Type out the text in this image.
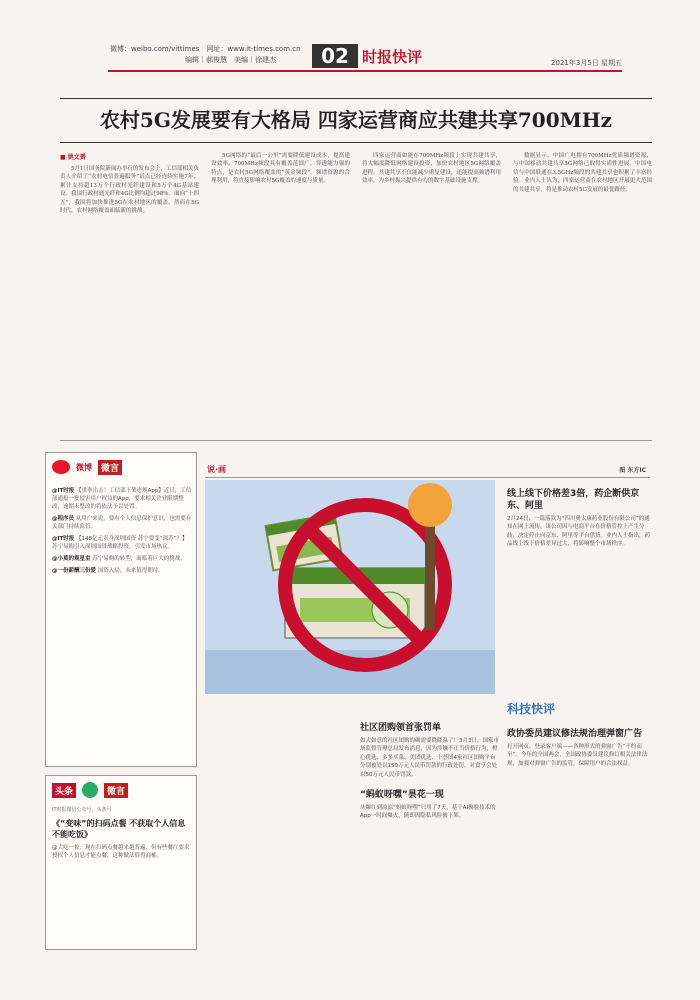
微博：weibo.com/vittimes　 网址：www.it-times.com.cn
编辑｜郝俊慧　 美编｜徐建杰	02 时报快评	2021年3月5日 星期五
农村5G发展要有大格局 四家运营商应共建共享700MHz
■ 姚文赟

5月1日国务院新闻办举行的发布会上，工信部相关负责人介绍了“农村电信普遍服务”试点已经连续实施7年，累计支持超13万个行政村光纤建设和5万个4G基站建设。我国行政村通光纤和4G比例均超过98%。面向“十四五”，我国将加快推进5G在农村地区的覆盖。然而在5G时代，农村网络覆盖面临新的挑战。

5G网络的“最后一公里”需要降低建设成本，提高建设效率。700MHz频段具有覆盖范围广、穿透能力强的特点，是农村5G网络覆盖的“黄金频段”。频谱资源的合理利用，将直接影响农村5G覆盖的速度与质量。

四家运营商如能在700MHz频段上实现共建共享，将大幅度降低网络建设投资，加快农村地区5G网络覆盖进程。共建共享不仅能减少重复建设，还能提高频谱利用效率，为乡村振兴提供有力的数字基础设施支撑。

数据显示，中国广电拥有700MHz优质频谱资源，与中国移动共建共享5G网络已取得实质性进展。中国电信与中国联通在3.5GHz频段的共建共享也积累了丰富经验。业内人士认为，四家运营商在农村地区开展更大范围的共建共享，将是推动农村5G发展的最优路径。

微博	微言
@IT时报 【重拳出击！工信部下架违规App】近日，工信部通报一批侵害用户权益的App，要求相关企业限期整改，逾期未整改的将依法予以处置。
@程序员 从用户来说，要有个人信息保护意识，也需要有关部门持续监管。
@IT时报 【148亿元卖身深圳国资 苏宁要变“深苏”？】苏宁易购引入深圳国资战略投资，引发市场热议。
@小莫的观星室 苏宁易购的转型，面临着巨大的挑战。
@一份薪酬三份爱 国资入局，未来值得期待。
头条	微言
IT时报微信公众号、头条号
《“变味”的扫码点餐 不获取个人信息不能吃饭》
@大吃一惊：现在扫码点餐越来越普遍，但有些餐厅要求授权个人信息才能点餐，这种做法值得商榷。
说·画	图 东方IC
线上线下价格差3倍，药企断供京东、阿里
2月24日，一篇落款为“四川奥太康药业股份有限公司”的通知在网上流传，该公司因与电商平台在价格管控上产生分歧，决定停止向京东、阿里等平台供货。业内人士指出，药品线上线下价格差异过大，将影响整个市场秩序。
社区团购领首张罚单
如大如意的社区团购的确需要降降温了！3月3日，国家市场监督管理总局发布消息，因为涉嫌不正当价格行为，橙心优选、多多买菜、美团优选、十荟团4家社区团购平台分别被处以150万元人民币罚款的行政处罚，对食享会处以50万元人民币罚款。
“蚂蚁呀嘿”昙花一现
从爆红到凉凉“蚂蚁呀嘿”只用了7天，基于AI换脸技术的App一时间爆火，随即因隐私风险被下架。
科技快评
政协委员建议修法规治理弹窗广告
打开网页、登录客户端——各种形式的弹窗广告“不约而至”。今年的全国两会，全国政协委员建议修订相关法律法规，加强对弹窗广告的监管，保障用户的合法权益。
